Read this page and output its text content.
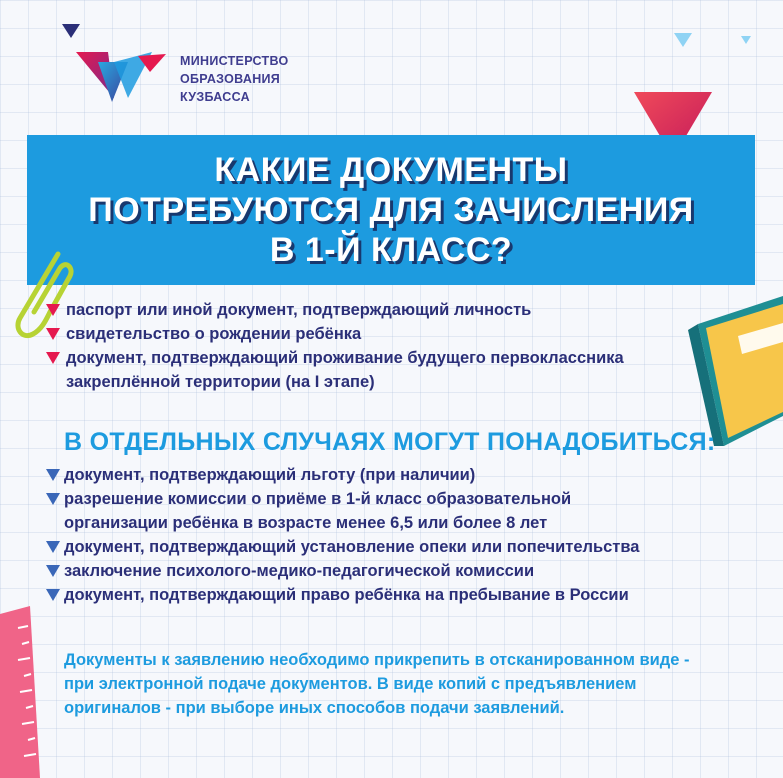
МИНИСТЕРСТВО
ОБРАЗОВАНИЯ
КУЗБАССА
КАКИЕ ДОКУМЕНТЫ
ПОТРЕБУЮТСЯ ДЛЯ ЗАЧИСЛЕНИЯ
В 1-Й КЛАСС?
паспорт или иной документ, подтверждающий личность
свидетельство о рождении ребёнка
документ, подтверждающий проживание будущего первоклассника
закреплённой территории (на I этапе)
В ОТДЕЛЬНЫХ СЛУЧАЯХ МОГУТ ПОНАДОБИТЬСЯ:
документ, подтверждающий льготу (при наличии)
разрешение комиссии о приёме в 1-й класс образовательной
организации ребёнка в возрасте менее 6,5 или более 8 лет
документ, подтверждающий установление опеки или попечительства
заключение психолого-медико-педагогической комиссии
документ, подтверждающий право ребёнка на пребывание в России
Документы к заявлению необходимо прикрепить в отсканированном виде -
при электронной подаче документов. В виде копий с предъявлением
оригиналов - при выборе иных способов подачи заявлений.
